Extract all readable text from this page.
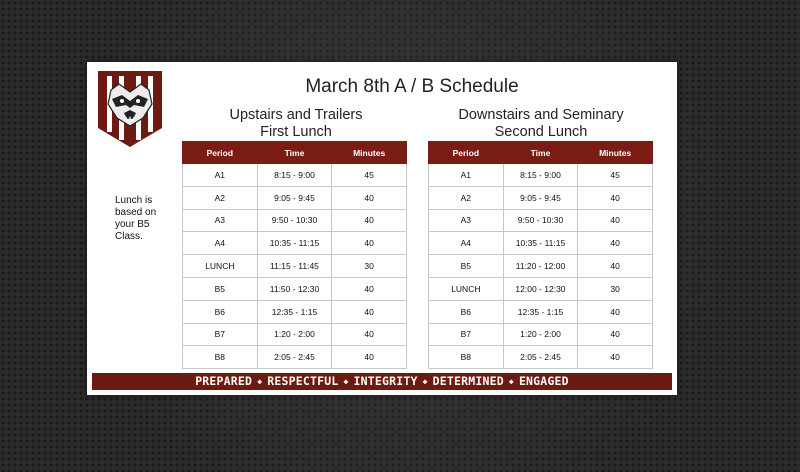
March 8th A / B Schedule
Upstairs and Trailers
First Lunch
Downstairs and Seminary
Second Lunch
Lunch is based on your B5 Class.
Period	Time	Minutes
A1	8:15 - 9:00	45
A2	9:05 - 9:45	40
A3	9:50 - 10:30	40
A4	10:35 - 11:15	40
LUNCH	11:15 - 11:45	30
B5	11:50 - 12:30	40
B6	12:35 - 1:15	40
B7	1:20 - 2:00	40
B8	2:05 - 2:45	40
Period	Time	Minutes
A1	8:15 - 9:00	45
A2	9:05 - 9:45	40
A3	9:50 - 10:30	40
A4	10:35 - 11:15	40
B5	11:20 - 12:00	40
LUNCH	12:00 - 12:30	30
B6	12:35 - 1:15	40
B7	1:20 - 2:00	40
B8	2:05 - 2:45	40
PREPARED ◆ RESPECTFUL ◆ INTEGRITY ◆ DETERMINED ◆ ENGAGED
